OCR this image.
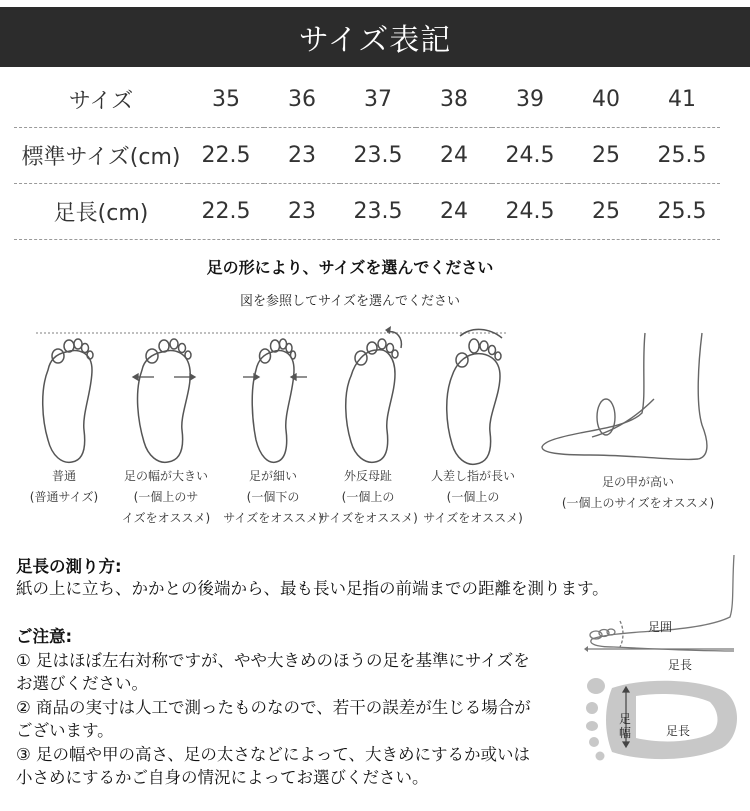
サイズ表記
サイズ	35	36	37	38	39	40	41
標準サイズ(cm)	22.5	23	23.5	24	24.5	25	25.5
足長(cm)	22.5	23	23.5	24	24.5	25	25.5
足の形により、サイズを選んでください
図を参照してサイズを選んでください
普通
(普通サイズ)
足の幅が大きい
(一個上のサ
イズをオススメ)
足が細い
(一個下の
サイズをオススメ)
外反母趾
(一個上の
サイズをオススメ)
人差し指が長い
(一個上の
サイズをオススメ)
足の甲が高い
(一個上のサイズをオススメ)
足長の測り方:
紙の上に立ち、かかとの後端から、最も長い足指の前端までの距離を測ります。
足囲
足長
足幅	足長
ご注意:
① 足はほぼ左右対称ですが、やや大きめのほうの足を基準にサイズを
お選びください。
② 商品の実寸は人工で測ったものなので、若干の誤差が生じる場合が
ございます。
③ 足の幅や甲の高さ、足の太さなどによって、大きめにするか或いは
小さめにするかご自身の情況によってお選びください。
